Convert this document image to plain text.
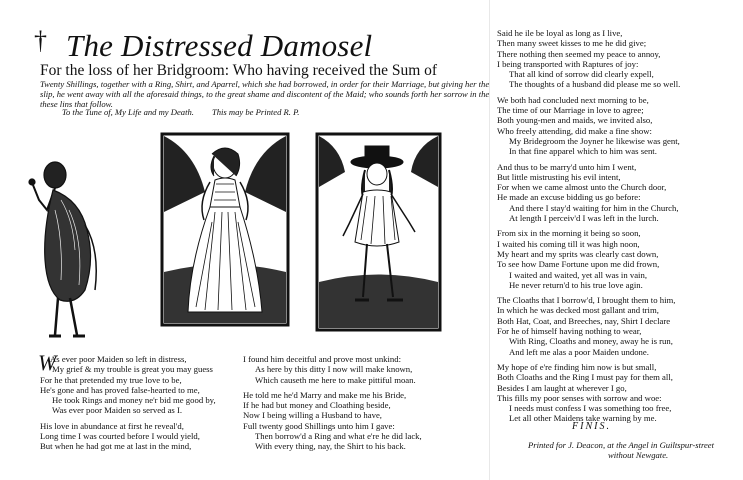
† The Distressed Damosel
For the loss of her Bridgroom: Who having received the Sum of
Twenty Shillings, together with a Ring, Shirt, and Aparrel, which she had borrowed, in order for their Marriage, but giving her the slip, he went away with all the aforesaid things, to the great shame and discontent of the Maid; who sounds forth her sorrow in the these lins that follow.
To the Tune of, My Life and my Death. This may be Printed R. P.
W
As ever poor Maiden so left in distress,
My grief & my trouble is great you may guess
For he that pretended my true love to be,
He's gone and has proved false-hearted to me,
He took Rings and money ne'r bid me good by,
Was ever poor Maiden so served as I.
His love in abundance at first he reveal'd,
Long time I was courted before I would yield,
But when he had got me at last in the mind,
I found him deceitful and prove most unkind:
As here by this ditty I now will make known,
Which causeth me here to make pittiful moan.
He told me he'd Marry and make me his Bride,
If he had but money and Cloathing beside,
Now I being willing a Husband to have,
Full twenty good Shillings unto him I gave:
Then borrow'd a Ring and what e're he did lack,
With every thing, nay, the Shirt to his back.
Said he ile be loyal as long as I live,
Then many sweet kisses to me he did give;
There nothing then seemed my peace to annoy,
I being transported with Raptures of joy:
That all kind of sorrow did clearly expell,
The thoughts of a husband did please me so well.
We both had concluded next morning to be,
The time of our Marriage in love to agree;
Both young-men and maids, we invited also,
Who freely attending, did make a fine show:
My Bridegroom the Joyner he likewise was gent,
In that fine apparel which to him was sent.
And thus to be marry'd unto him I went,
But little mistrusting his evil intent,
For when we came almost unto the Church door,
He made an excuse bidding us go before:
And there I stay'd waiting for him in the Church,
At length I perceiv'd I was left in the lurch.
From six in the morning it being so soon,
I waited his coming till it was high noon,
My heart and my sprits was clearly cast down,
To see how Dame Fortune upon me did frown,
I waited and waited, yet all was in vain,
He never return'd to his true love agin.
The Cloaths that I borrow'd, I brought them to him,
In which he was decked most gallant and trim,
Both Hat, Coat, and Breeches, nay, Shirt I declare
For he of himself having nothing to wear,
With Ring, Cloaths and money, away he is run,
And left me alas a poor Maiden undone.
My hope of e're finding him now is but small,
Both Cloaths and the Ring I must pay for them all,
Besides I am laught at wherever I go,
This fills my poor senses with sorrow and woe:
I needs must confess I was something too free,
Let all other Maidens take warning by me.
FINIS.
Printed for J. Deacon, at the Angel in Guiltspur-street
without Newgate.
